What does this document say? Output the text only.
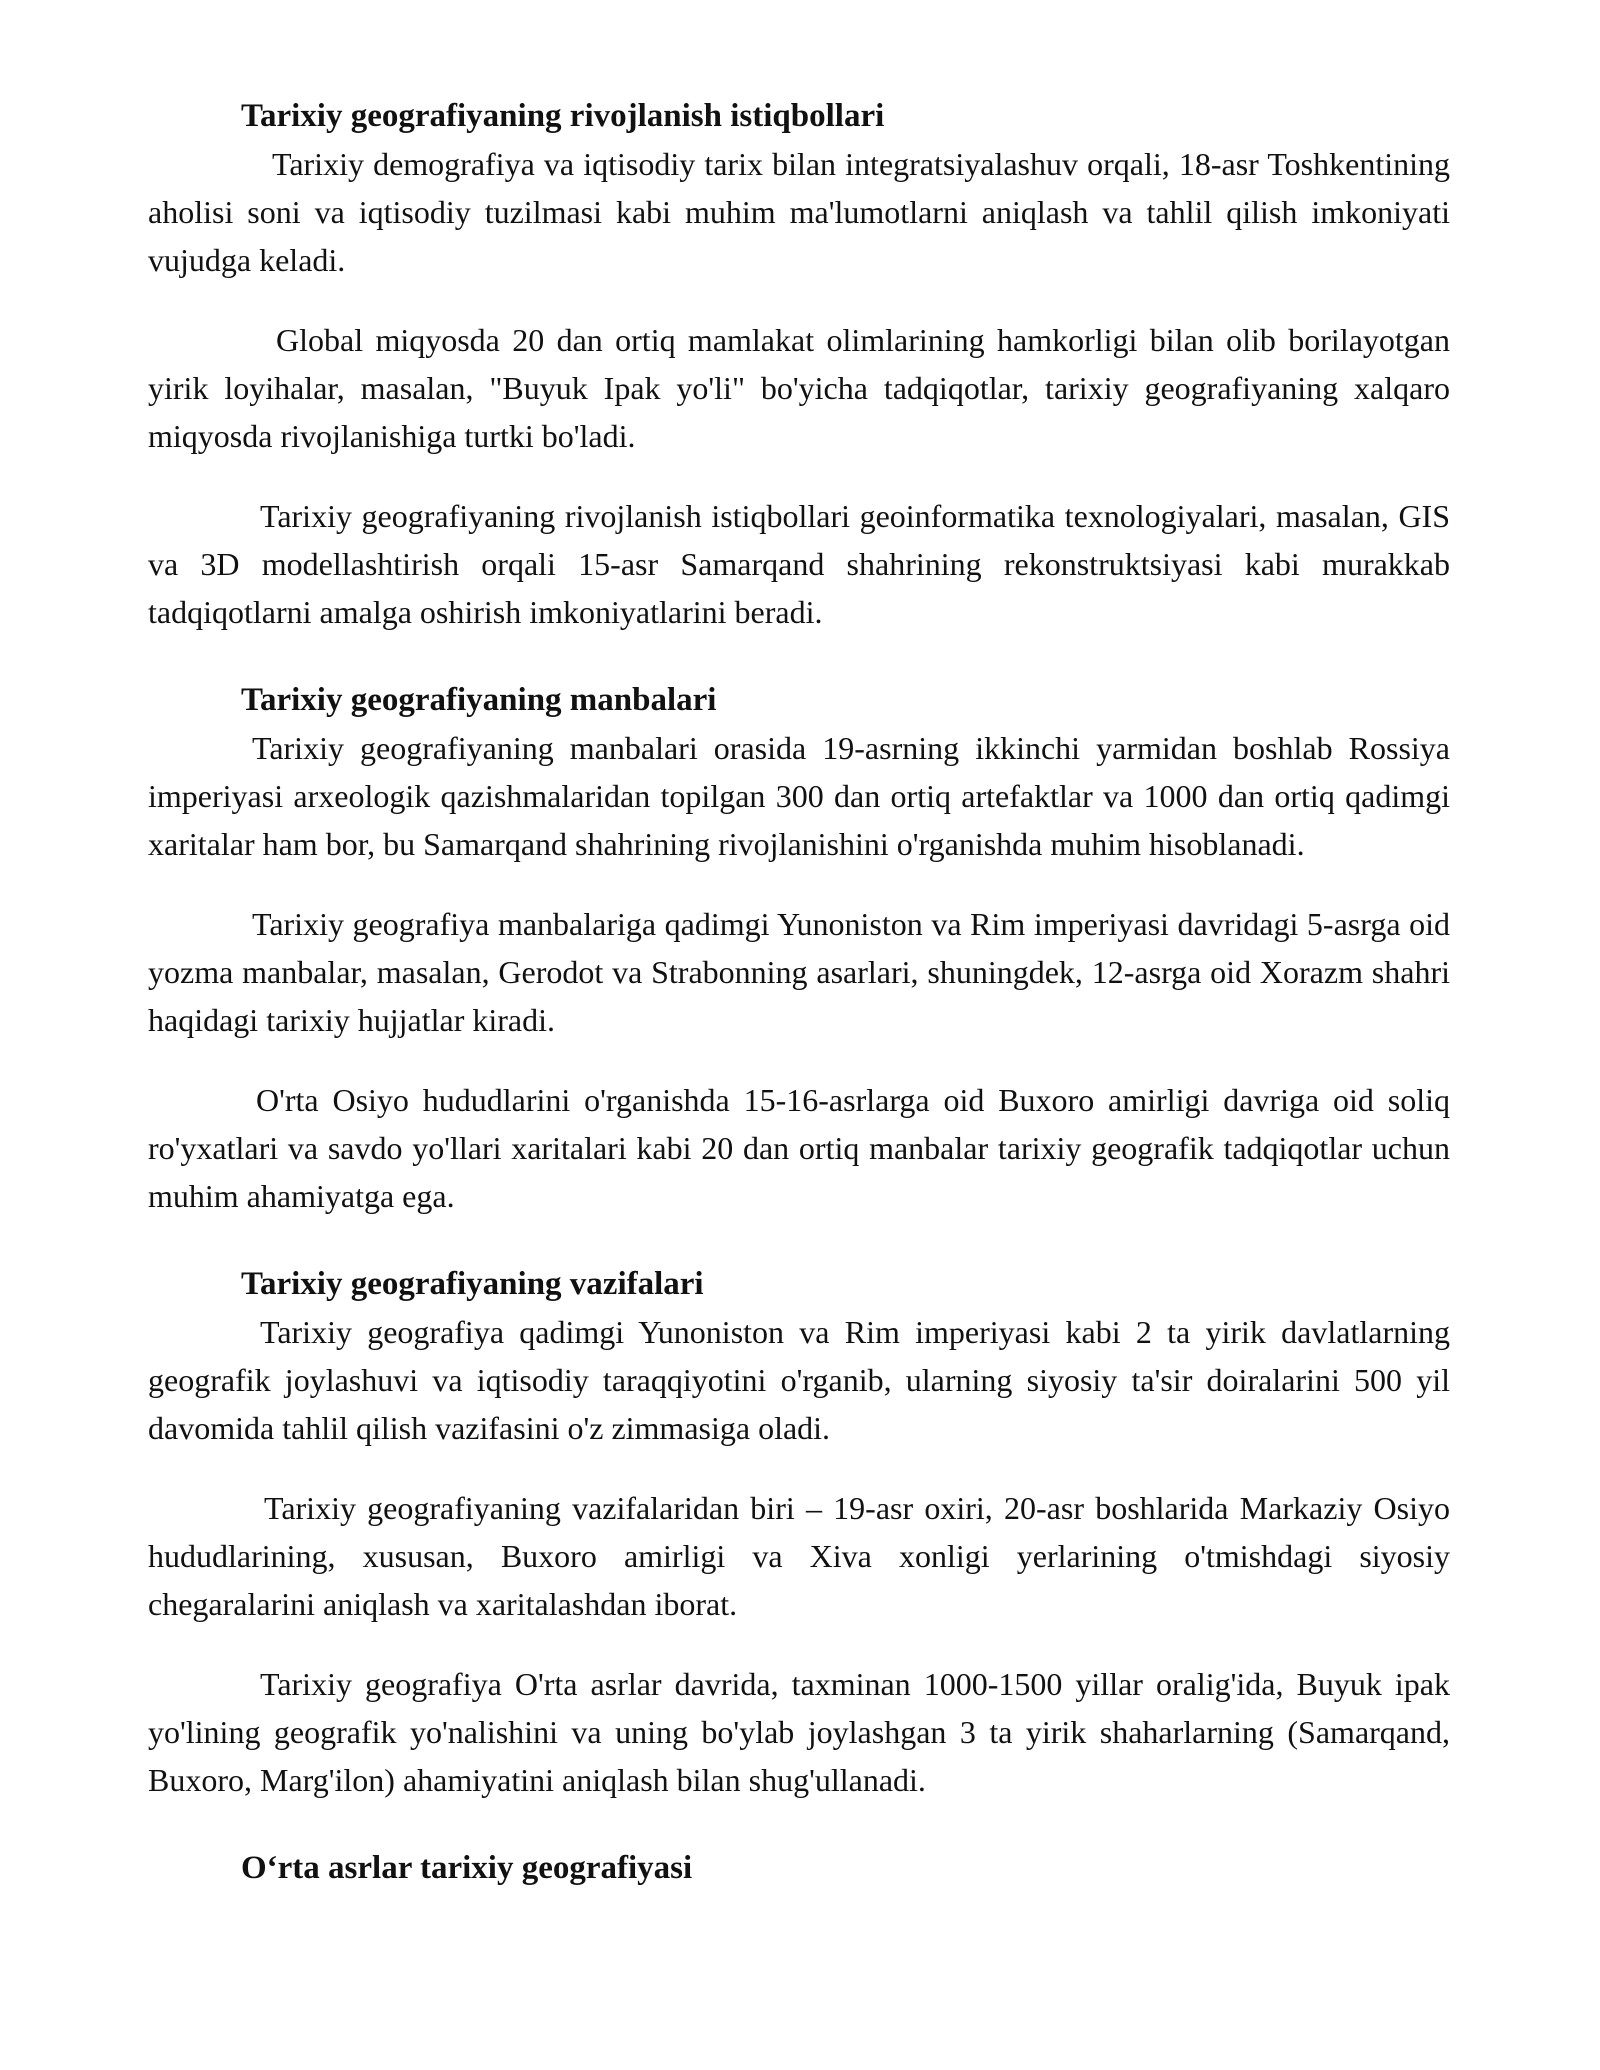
Tarixiy geografiyaning rivojlanish istiqbollari

Tarixiy demografiya va iqtisodiy tarix bilan integratsiyalashuv orqali, 18-asr Toshkentining aholisi soni va iqtisodiy tuzilmasi kabi muhim ma'lumotlarni aniqlash va tahlil qilish imkoniyati vujudga keladi.

Global miqyosda 20 dan ortiq mamlakat olimlarining hamkorligi bilan olib borilayotgan yirik loyihalar, masalan, "Buyuk Ipak yo'li" bo'yicha tadqiqotlar, tarixiy geografiyaning xalqaro miqyosda rivojlanishiga turtki bo'ladi.

Tarixiy geografiyaning rivojlanish istiqbollari geoinformatika texnologiyalari, masalan, GIS va 3D modellashtirish orqali 15-asr Samarqand shahrining rekonstruktsiyasi kabi murakkab tadqiqotlarni amalga oshirish imkoniyatlarini beradi.

Tarixiy geografiyaning manbalari

Tarixiy geografiyaning manbalari orasida 19-asrning ikkinchi yarmidan boshlab Rossiya imperiyasi arxeologik qazishmalaridan topilgan 300 dan ortiq artefaktlar va 1000 dan ortiq qadimgi xaritalar ham bor, bu Samarqand shahrining rivojlanishini o'rganishda muhim hisoblanadi.

Tarixiy geografiya manbalariga qadimgi Yunoniston va Rim imperiyasi davridagi 5-asrga oid yozma manbalar, masalan, Gerodot va Strabonning asarlari, shuningdek, 12-asrga oid Xorazm shahri haqidagi tarixiy hujjatlar kiradi.

O'rta Osiyo hududlarini o'rganishda 15-16-asrlarga oid Buxoro amirligi davriga oid soliq ro'yxatlari va savdo yo'llari xaritalari kabi 20 dan ortiq manbalar tarixiy geografik tadqiqotlar uchun muhim ahamiyatga ega.

Tarixiy geografiyaning vazifalari

Tarixiy geografiya qadimgi Yunoniston va Rim imperiyasi kabi 2 ta yirik davlatlarning geografik joylashuvi va iqtisodiy taraqqiyotini o'rganib, ularning siyosiy ta'sir doiralarini 500 yil davomida tahlil qilish vazifasini o'z zimmasiga oladi.

Tarixiy geografiyaning vazifalaridan biri – 19-asr oxiri, 20-asr boshlarida Markaziy Osiyo hududlarining, xususan, Buxoro amirligi va Xiva xonligi yerlarining o'tmishdagi siyosiy chegaralarini aniqlash va xaritalashdan iborat.

Tarixiy geografiya O'rta asrlar davrida, taxminan 1000-1500 yillar oralig'ida, Buyuk ipak yo'lining geografik yo'nalishini va uning bo'ylab joylashgan 3 ta yirik shaharlarning (Samarqand, Buxoro, Marg'ilon) ahamiyatini aniqlash bilan shug'ullanadi.

Oʻrta asrlar tarixiy geografiyasi
